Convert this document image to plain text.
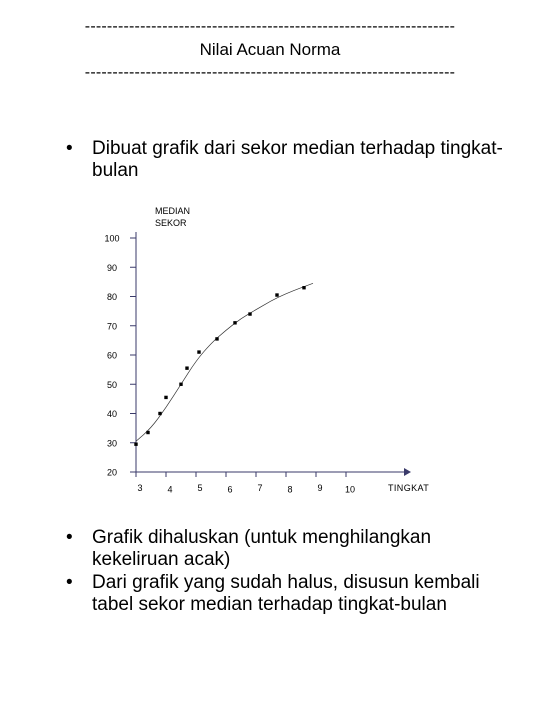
-------------------------------------------------------------------
Nilai Acuan Norma
-------------------------------------------------------------------
• Dibuat grafik dari sekor median terhadap tingkat-bulan
20
30
40
50
60
70
80
90
100
3	4	5	6	7	8	9 10
MEDIAN
SEKOR
TINGKAT
• Grafik dihaluskan (untuk menghilangkan kekeliruan acak)
• Dari grafik yang sudah halus, disusun kembali tabel sekor median terhadap tingkat-bulan
